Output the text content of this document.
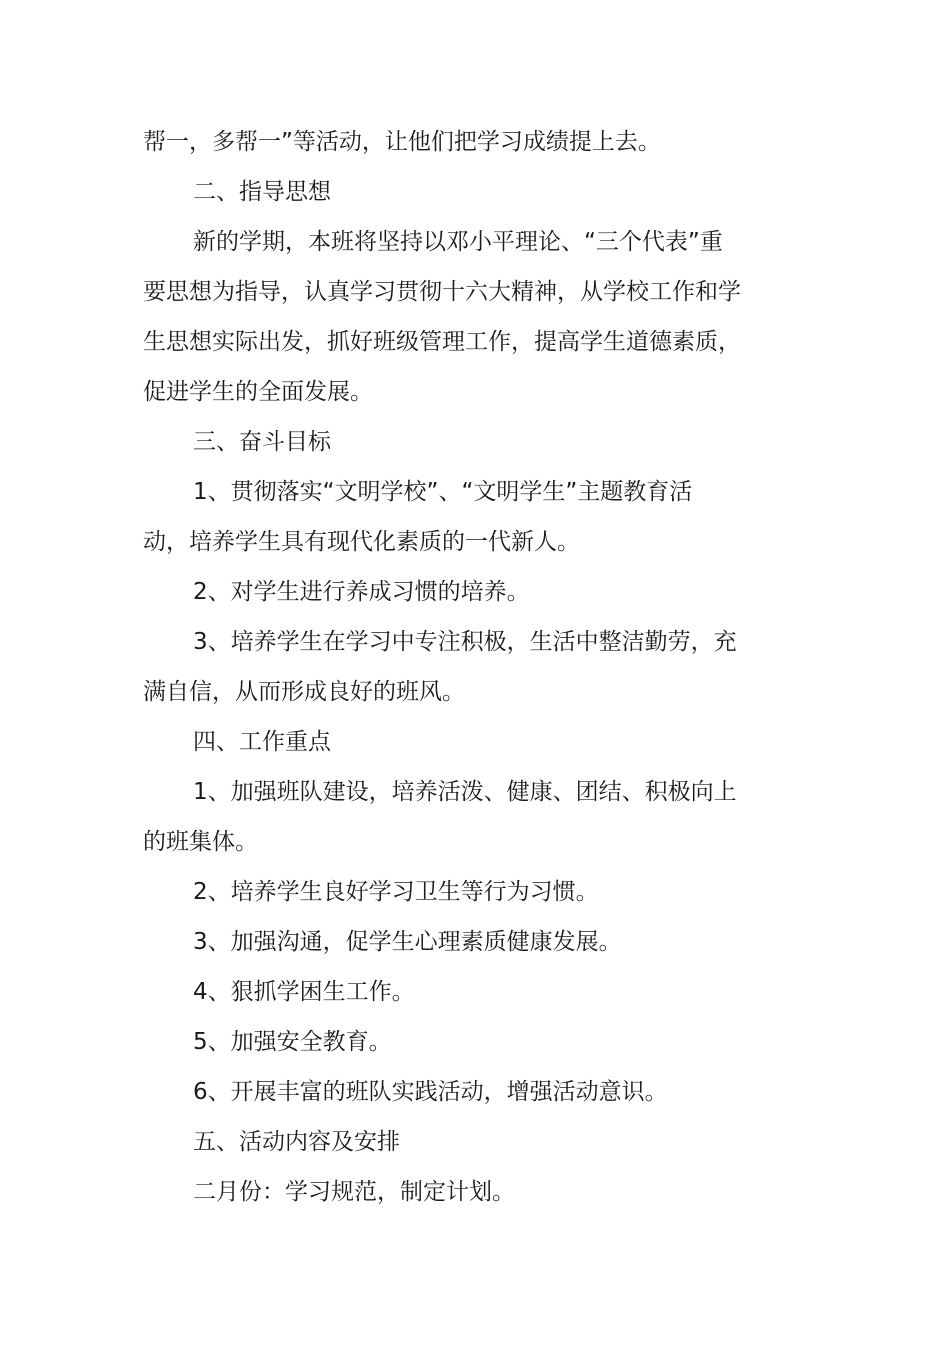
帮一，多帮一”等活动，让他们把学习成绩提上去。
二、指导思想
新的学期，本班将坚持以邓小平理论、“三个代表”重
要思想为指导，认真学习贯彻十六大精神，从学校工作和学
生思想实际出发，抓好班级管理工作，提高学生道德素质，
促进学生的全面发展。
三、奋斗目标
1、贯彻落实“文明学校”、“文明学生”主题教育活
动，培养学生具有现代化素质的一代新人。
2、对学生进行养成习惯的培养。
3、培养学生在学习中专注积极，生活中整洁勤劳，充
满自信，从而形成良好的班风。
四、工作重点
1、加强班队建设，培养活泼、健康、团结、积极向上
的班集体。
2、培养学生良好学习卫生等行为习惯。
3、加强沟通，促学生心理素质健康发展。
4、狠抓学困生工作。
5、加强安全教育。
6、开展丰富的班队实践活动，增强活动意识。
五、活动内容及安排
二月份：学习规范，制定计划。
